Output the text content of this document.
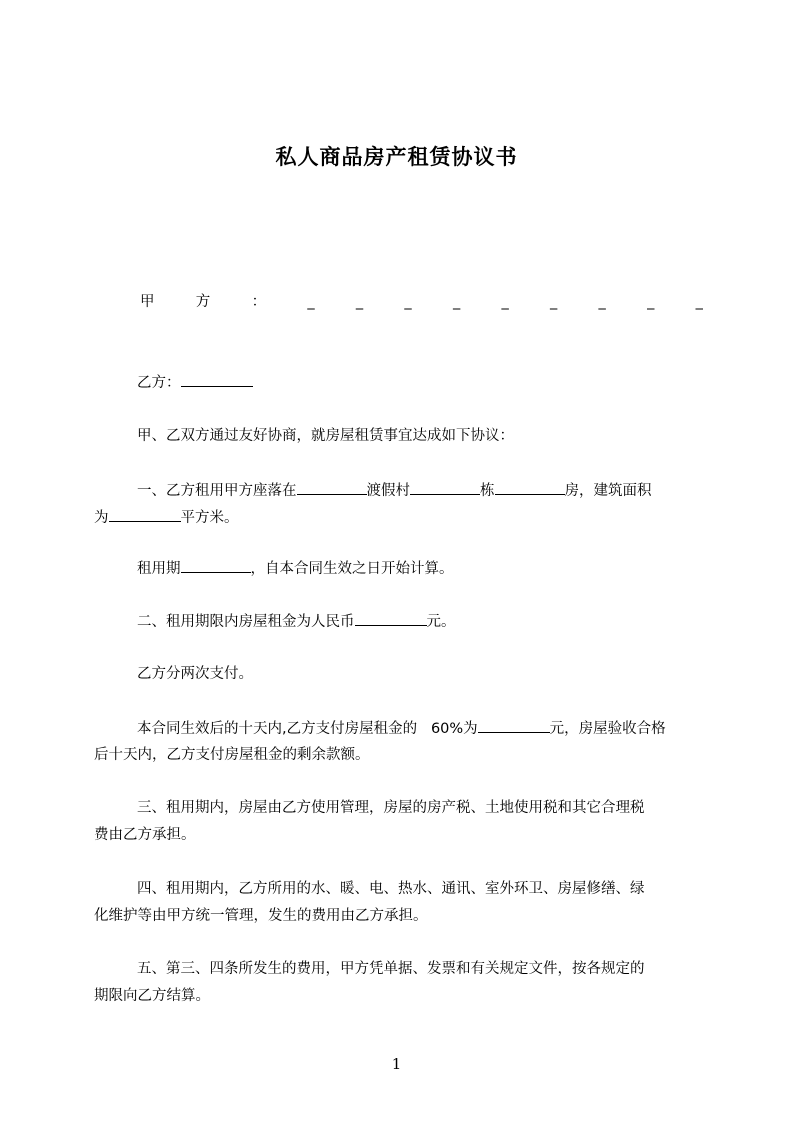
私人商品房产租赁协议书
甲	方	：	_	_	_	_	_	_	_	_	_
乙方：
甲、乙双方通过友好协商，就房屋租赁事宜达成如下协议：
一、乙方租用甲方座落在	渡假村	栋	房，建筑面积
为	平方米。
租用期	，自本合同生效之日开始计算。
二、租用期限内房屋租金为人民币	元。
乙方分两次支付。
本合同生效后的十天内,乙方支付房屋租金的 60%为	元，房屋验收合格
后十天内，乙方支付房屋租金的剩余款额。
三、租用期内，房屋由乙方使用管理，房屋的房产税、土地使用税和其它合理税
费由乙方承担。
四、租用期内，乙方所用的水、暖、电、热水、通讯、室外环卫、房屋修缮、绿
化维护等由甲方统一管理，发生的费用由乙方承担。
五、第三、四条所发生的费用，甲方凭单据、发票和有关规定文件，按各规定的
期限向乙方结算。
1
